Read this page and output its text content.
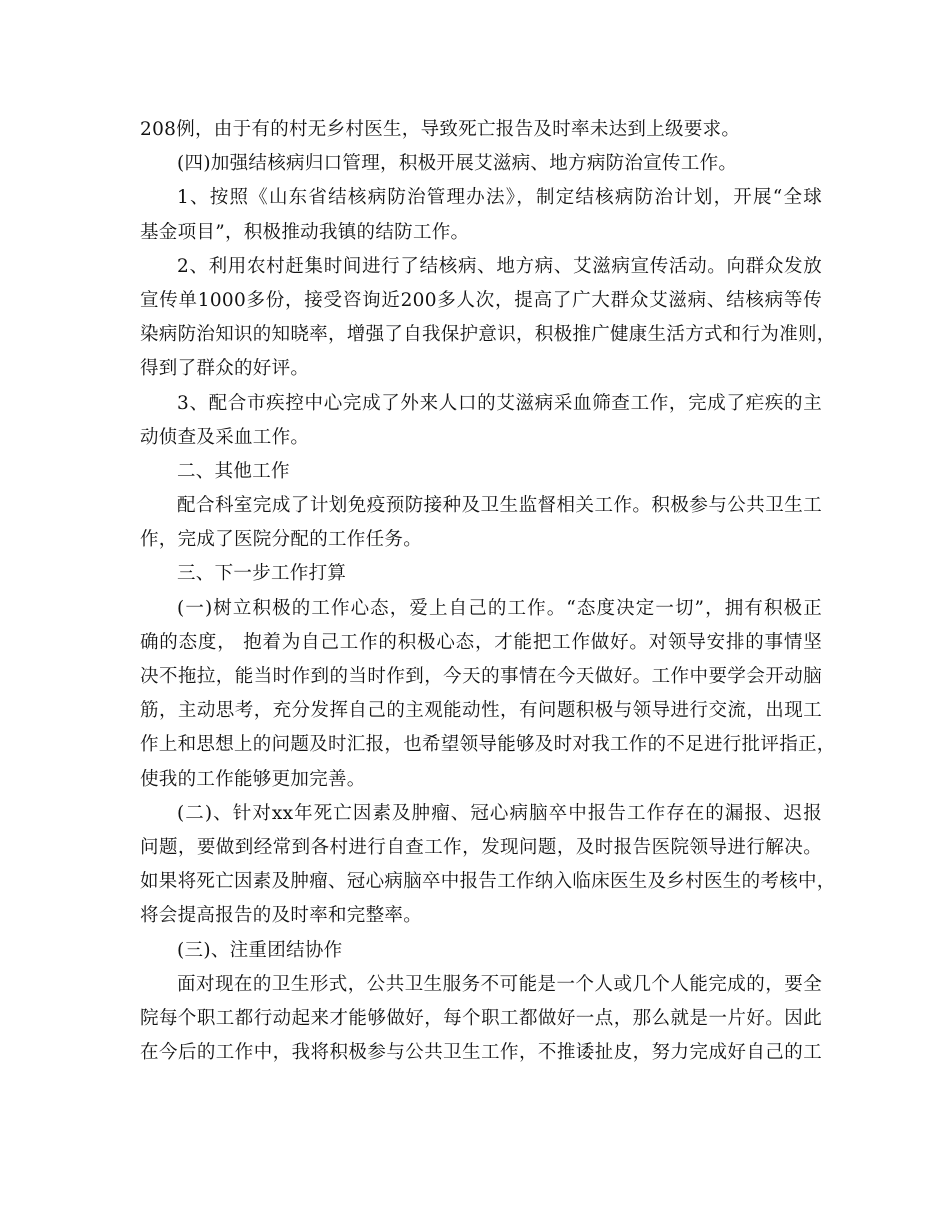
208例，由于有的村无乡村医生，导致死亡报告及时率未达到上级要求。
(四)加强结核病归口管理，积极开展艾滋病、地方病防治宣传工作。
1、按照《山东省结核病防治管理办法》，制定结核病防治计划，开展“全球
基金项目”，积极推动我镇的结防工作。
2、利用农村赶集时间进行了结核病、地方病、艾滋病宣传活动。向群众发放
宣传单1000多份，接受咨询近200多人次，提高了广大群众艾滋病、结核病等传
染病防治知识的知晓率，增强了自我保护意识，积极推广健康生活方式和行为准则，
得到了群众的好评。
3、配合市疾控中心完成了外来人口的艾滋病采血筛查工作，完成了疟疾的主
动侦查及采血工作。
二、其他工作
配合科室完成了计划免疫预防接种及卫生监督相关工作。积极参与公共卫生工
作，完成了医院分配的工作任务。
三、下一步工作打算
(一)树立积极的工作心态，爱上自己的工作。“态度决定一切”，拥有积极正
确的态度， 抱着为自己工作的积极心态，才能把工作做好。对领导安排的事情坚
决不拖拉，能当时作到的当时作到，今天的事情在今天做好。工作中要学会开动脑
筋，主动思考，充分发挥自己的主观能动性，有问题积极与领导进行交流，出现工
作上和思想上的问题及时汇报，也希望领导能够及时对我工作的不足进行批评指正，
使我的工作能够更加完善。
(二)、针对xx年死亡因素及肿瘤、冠心病脑卒中报告工作存在的漏报、迟报
问题，要做到经常到各村进行自查工作，发现问题，及时报告医院领导进行解决。
如果将死亡因素及肿瘤、冠心病脑卒中报告工作纳入临床医生及乡村医生的考核中，
将会提高报告的及时率和完整率。
(三)、注重团结协作
面对现在的卫生形式，公共卫生服务不可能是一个人或几个人能完成的，要全
院每个职工都行动起来才能够做好，每个职工都做好一点，那么就是一片好。因此
在今后的工作中，我将积极参与公共卫生工作，不推诿扯皮，努力完成好自己的工
